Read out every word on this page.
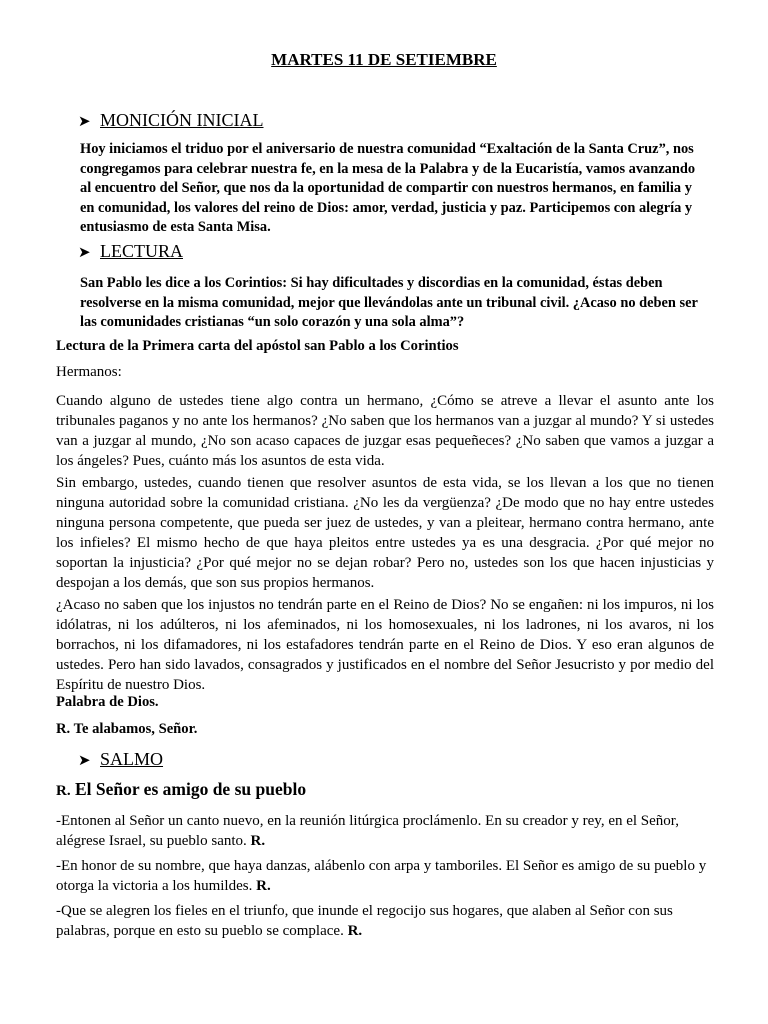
MARTES 11 DE SETIEMBRE
➤ MONICIÓN INICIAL
Hoy iniciamos el triduo por el aniversario de nuestra comunidad “Exaltación de la Santa Cruz”, nos congregamos para celebrar nuestra fe, en la mesa de la Palabra y de la Eucaristía, vamos avanzando al encuentro del Señor, que nos da la oportunidad de compartir con nuestros hermanos, en familia y en comunidad, los valores del reino de Dios: amor, verdad, justicia y paz. Participemos con alegría y entusiasmo de esta Santa Misa.
➤ LECTURA
San Pablo les dice a los Corintios: Si hay dificultades y discordias en la comunidad, éstas deben resolverse en la misma comunidad, mejor que llevándolas ante un tribunal civil. ¿Acaso no deben ser las comunidades cristianas “un solo corazón y una sola alma”?
Lectura de la Primera carta del apóstol san Pablo a los Corintios
Hermanos:
Cuando alguno de ustedes tiene algo contra un hermano, ¿Cómo se atreve a llevar el asunto ante los tribunales paganos y no ante los hermanos? ¿No saben que los hermanos van a juzgar al mundo? Y si ustedes van a juzgar al mundo, ¿No son acaso capaces de juzgar esas pequeñeces? ¿No saben que vamos a juzgar a los ángeles? Pues, cuánto más los asuntos de esta vida.
Sin embargo, ustedes, cuando tienen que resolver asuntos de esta vida, se los llevan a los que no tienen ninguna autoridad sobre la comunidad cristiana. ¿No les da vergüenza? ¿De modo que no hay entre ustedes ninguna persona competente, que pueda ser juez de ustedes, y van a pleitear, hermano contra hermano, ante los infieles? El mismo hecho de que haya pleitos entre ustedes ya es una desgracia. ¿Por qué mejor no soportan la injusticia? ¿Por qué mejor no se dejan robar? Pero no, ustedes son los que hacen injusticias y despojan a los demás, que son sus propios hermanos.
¿Acaso no saben que los injustos no tendrán parte en el Reino de Dios? No se engañen: ni los impuros, ni los idólatras, ni los adúlteros, ni los afeminados, ni los homosexuales, ni los ladrones, ni los avaros, ni los borrachos, ni los difamadores, ni los estafadores tendrán parte en el Reino de Dios. Y eso eran algunos de ustedes. Pero han sido lavados, consagrados y justificados en el nombre del Señor Jesucristo y por medio del Espíritu de nuestro Dios.
Palabra de Dios.
R. Te alabamos, Señor.
➤ SALMO
R. El Señor es amigo de su pueblo
-Entonen al Señor un canto nuevo, en la reunión litúrgica proclámenlo. En su creador y rey, en el Señor, alégrese Israel, su pueblo santo. R.
-En honor de su nombre, que haya danzas, alábenlo con arpa y tamboriles. El Señor es amigo de su pueblo y otorga la victoria a los humildes. R.
-Que se alegren los fieles en el triunfo, que inunde el regocijo sus hogares, que alaben al Señor con sus palabras, porque en esto su pueblo se complace. R.
